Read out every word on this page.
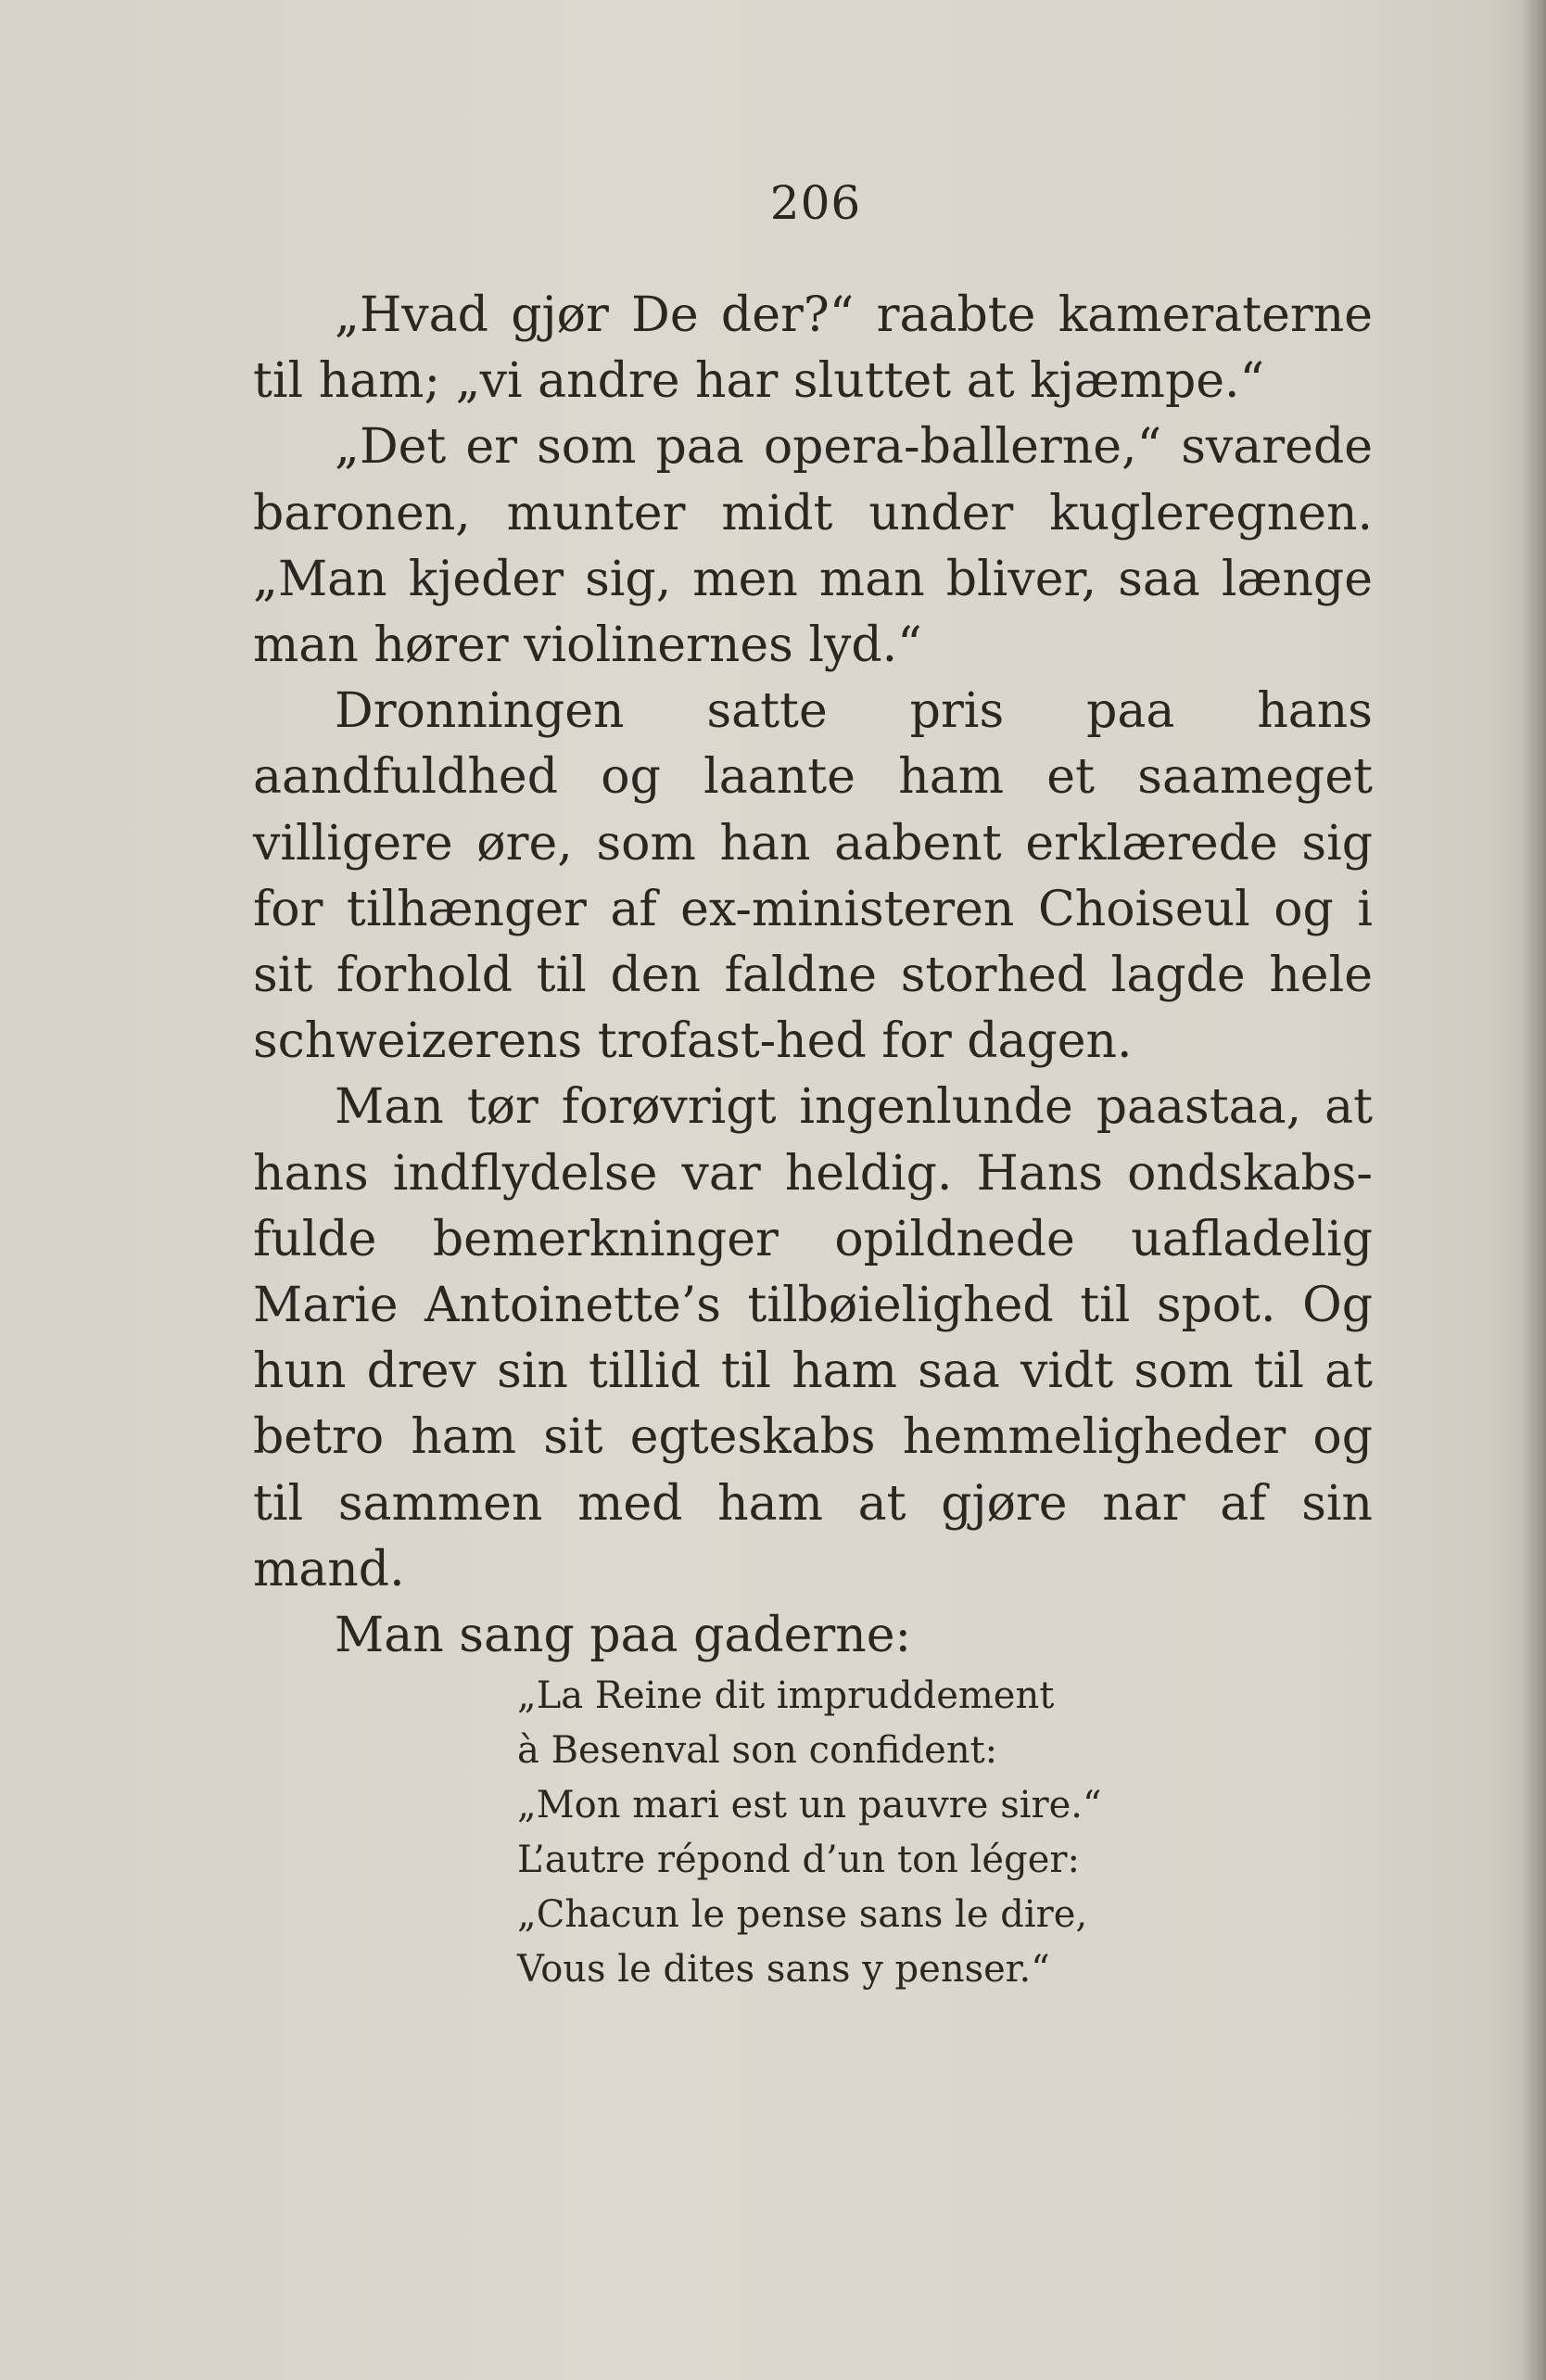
206

„Hvad gjør De der?“ raabte kameraterne til ham; „vi andre har sluttet at kjæmpe.“

„Det er som paa opera-ballerne,“ svarede baronen, munter midt under kugleregnen. „Man kjeder sig, men man bliver, saa længe man hører violinernes lyd.“

Dronningen satte pris paa hans aandfuldhed og laante ham et saameget villigere øre, som han aabent erklærede sig for tilhænger af ex-ministeren Choiseul og i sit forhold til den faldne storhed lagde hele schweizerens trofast-hed for dagen.

Man tør forøvrigt ingenlunde paastaa, at hans indflydelse var heldig. Hans ondskabs-fulde bemerkninger opildnede uafladelig Marie Antoinette’s tilbøielighed til spot. Og hun drev sin tillid til ham saa vidt som til at betro ham sit egteskabs hemmeligheder og til sammen med ham at gjøre nar af sin mand.

Man sang paa gaderne:

„La Reine dit impruddement
à Besenval son confident:
„Mon mari est un pauvre sire.“
L’autre répond d’un ton léger:
„Chacun le pense sans le dire,
Vous le dites sans y penser.“
